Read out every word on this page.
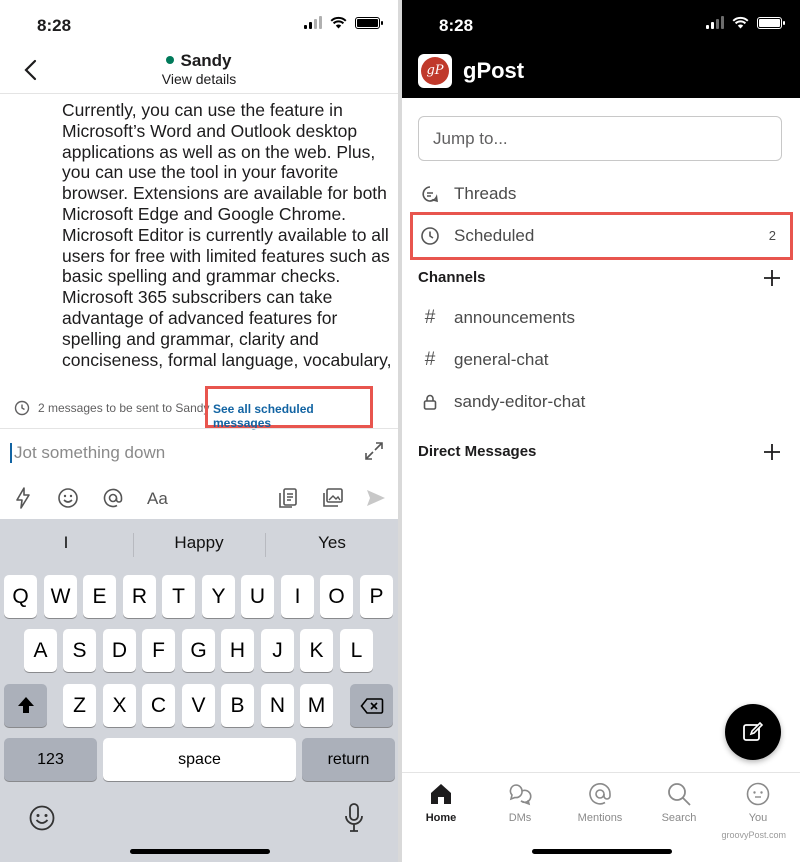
8:28
Sandy
View details
Currently, you can use the feature in
Microsoft’s Word and Outlook desktop
applications as well as on the web. Plus,
you can use the tool in your favorite
browser. Extensions are available for both
Microsoft Edge and Google Chrome.
Microsoft Editor is currently available to all
users for free with limited features such as
basic spelling and grammar checks.
Microsoft 365 subscribers can take
advantage of advanced features for
spelling and grammar, clarity and
conciseness, formal language, vocabulary,
2 messages to be sent to Sandy See all scheduled messages
Jot something down
Aa
I	Happy	Yes
Q	W	E	R	T	Y	U	I	O	P
A	S	D	F	G	H	J	K	L
Z	X	C	V	B	N	M
123	space	return
8:28
gP gPost
Jump to...
Threads
Scheduled	2
Channels
# announcements
# general-chat
sandy-editor-chat
Direct Messages
Home	DMs	Mentions	Search	You
groovyPost.com
